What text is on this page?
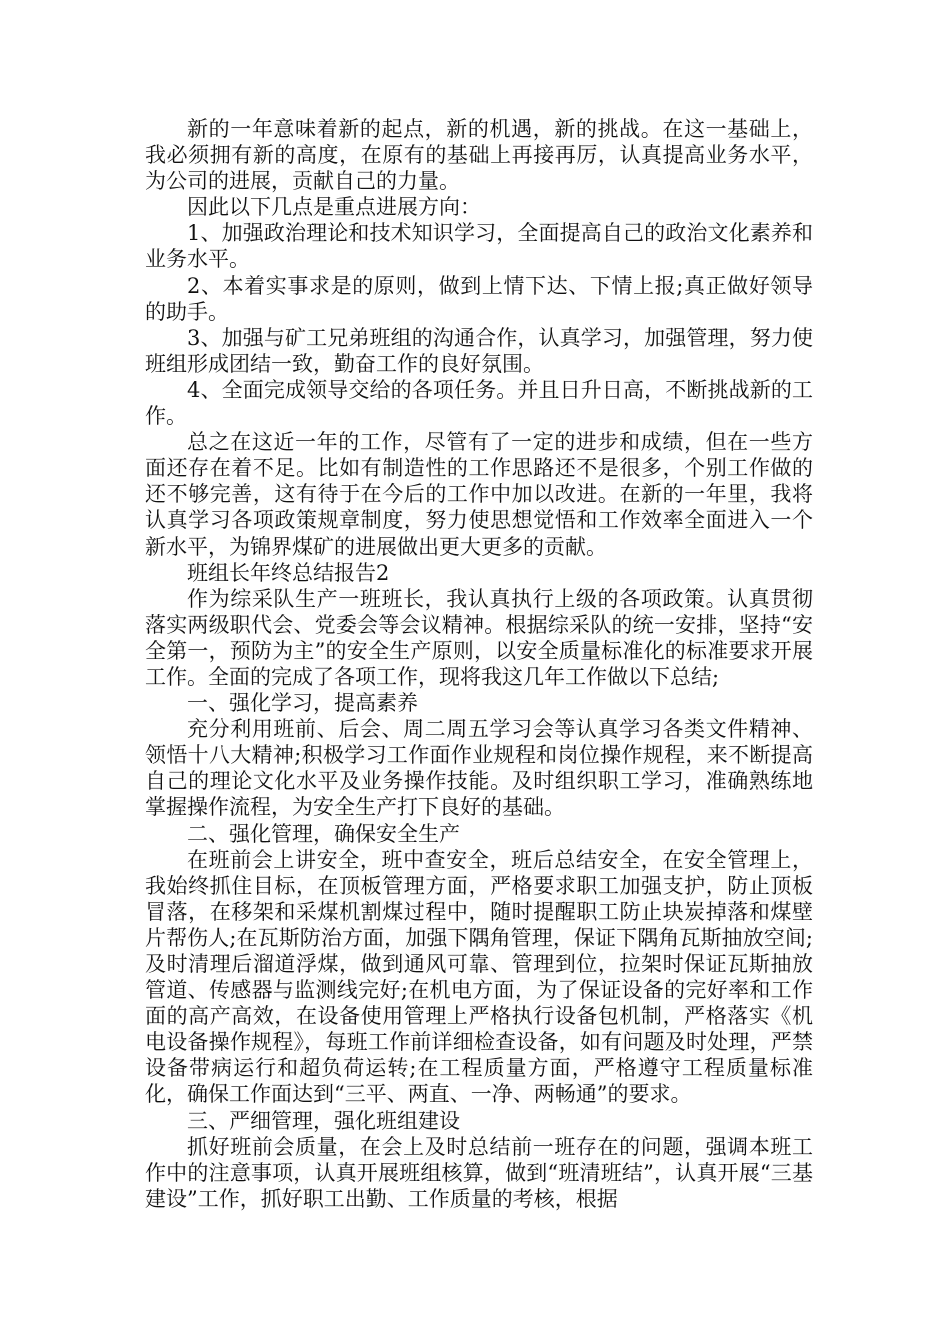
新的一年意味着新的起点，新的机遇，新的挑战。在这一基础上，我必须拥有新的高度，在原有的基础上再接再厉，认真提高业务水平，为公司的进展，贡献自己的力量。

因此以下几点是重点进展方向：

1、加强政治理论和技术知识学习，全面提高自己的政治文化素养和业务水平。

2、本着实事求是的原则，做到上情下达、下情上报;真正做好领导的助手。

3、加强与矿工兄弟班组的沟通合作，认真学习，加强管理，努力使班组形成团结一致，勤奋工作的良好氛围。

4、全面完成领导交给的各项任务。并且日升日高，不断挑战新的工作。

总之在这近一年的工作，尽管有了一定的进步和成绩，但在一些方面还存在着不足。比如有制造性的工作思路还不是很多，个别工作做的还不够完善，这有待于在今后的工作中加以改进。在新的一年里，我将认真学习各项政策规章制度，努力使思想觉悟和工作效率全面进入一个新水平，为锦界煤矿的进展做出更大更多的贡献。

班组长年终总结报告2

作为综采队生产一班班长，我认真执行上级的各项政策。认真贯彻落实两级职代会、党委会等会议精神。根据综采队的统一安排，坚持“安全第一，预防为主”的安全生产原则，以安全质量标准化的标准要求开展工作。全面的完成了各项工作，现将我这几年工作做以下总结;

一、强化学习，提高素养

充分利用班前、后会、周二周五学习会等认真学习各类文件精神、领悟十八大精神;积极学习工作面作业规程和岗位操作规程，来不断提高自己的理论文化水平及业务操作技能。及时组织职工学习，准确熟练地掌握操作流程，为安全生产打下良好的基础。

二、强化管理，确保安全生产

在班前会上讲安全，班中查安全，班后总结安全，在安全管理上，我始终抓住目标，在顶板管理方面，严格要求职工加强支护，防止顶板冒落，在移架和采煤机割煤过程中，随时提醒职工防止块炭掉落和煤壁片帮伤人;在瓦斯防治方面，加强下隅角管理，保证下隅角瓦斯抽放空间;及时清理后溜道浮煤，做到通风可靠、管理到位，拉架时保证瓦斯抽放管道、传感器与监测线完好;在机电方面，为了保证设备的完好率和工作面的高产高效，在设备使用管理上严格执行设备包机制，严格落实《机电设备操作规程》，每班工作前详细检查设备，如有问题及时处理，严禁设备带病运行和超负荷运转;在工程质量方面，严格遵守工程质量标准化，确保工作面达到“三平、两直、一净、两畅通”的要求。

三、严细管理，强化班组建设

抓好班前会质量，在会上及时总结前一班存在的问题，强调本班工作中的注意事项，认真开展班组核算，做到“班清班结”，认真开展“三基建设”工作，抓好职工出勤、工作质量的考核，根据
